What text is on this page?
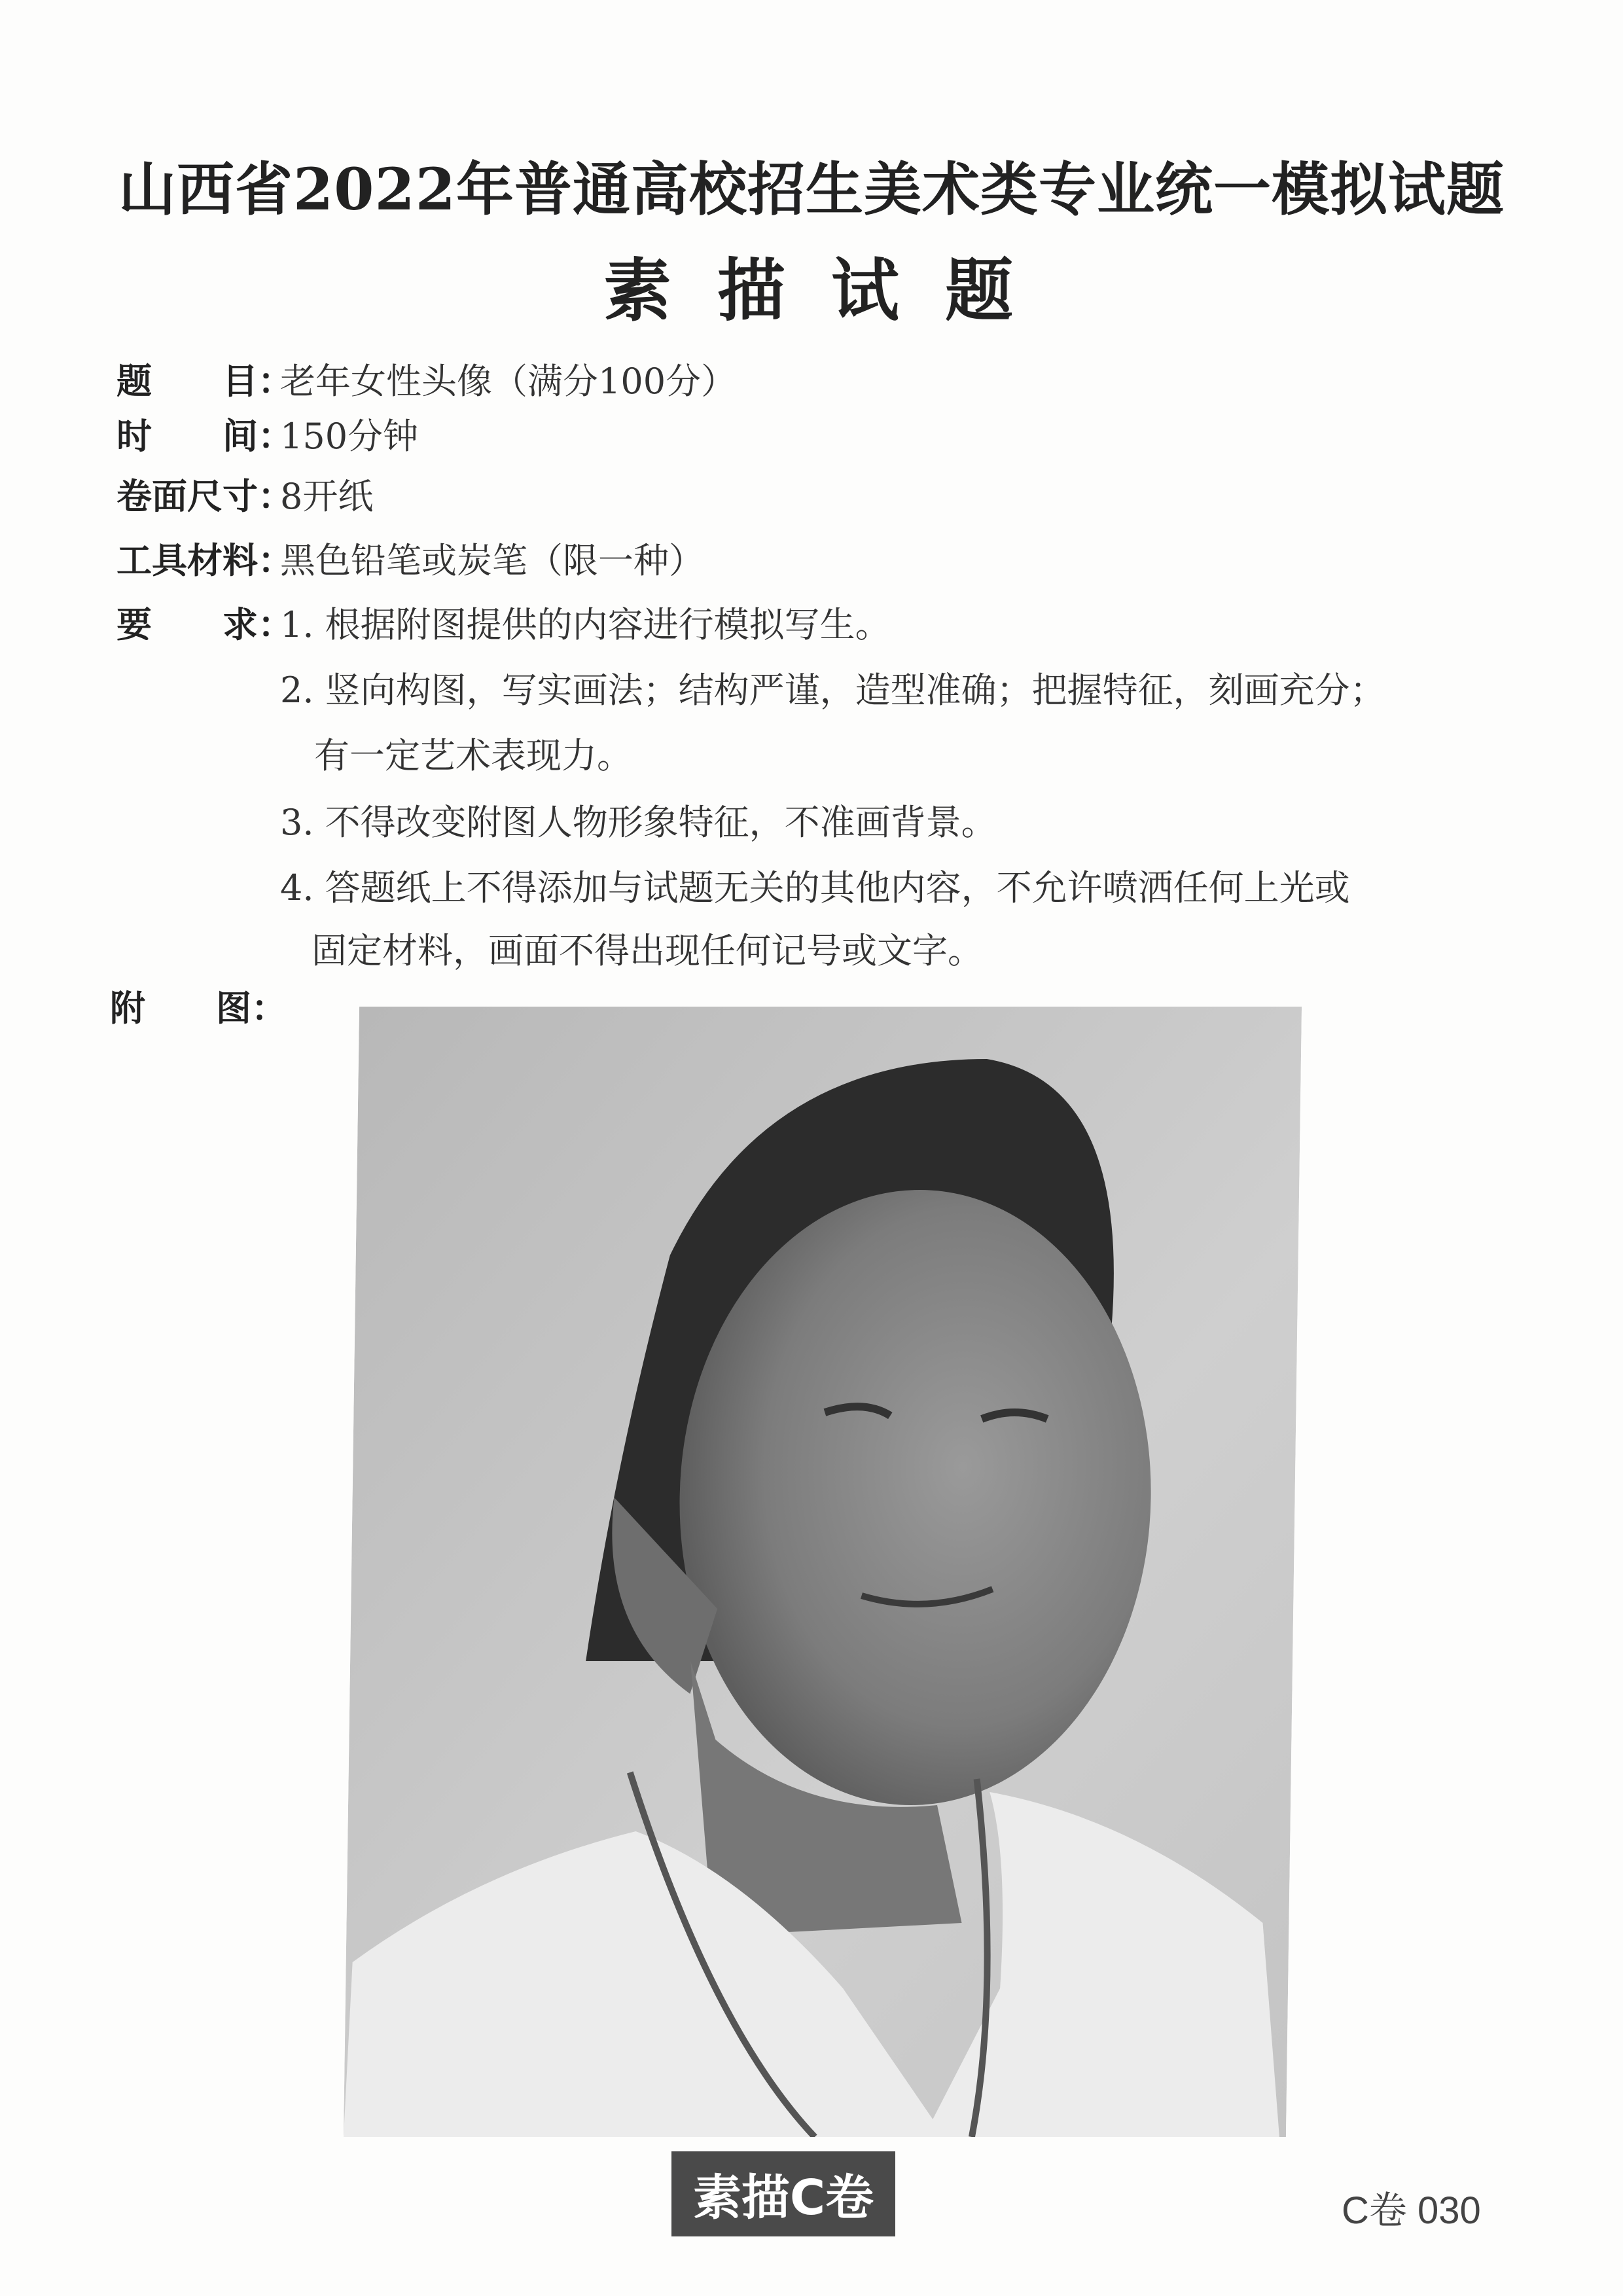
山西省2022年普通高校招生美术类专业统一模拟试题
素描试题
题　　目：
老年女性头像（满分100分）
时　　间：
150分钟
卷面尺寸：
8开纸
工具材料：
黑色铅笔或炭笔（限一种）
要　　求：
1. 根据附图提供的内容进行模拟写生。
2. 竖向构图，写实画法；结构严谨，造型准确；把握特征，刻画充分；
有一定艺术表现力。
3. 不得改变附图人物形象特征，不准画背景。
4. 答题纸上不得添加与试题无关的其他内容，不允许喷洒任何上光或
固定材料，画面不得出现任何记号或文字。
附　　图：
素描C卷	C卷 030
